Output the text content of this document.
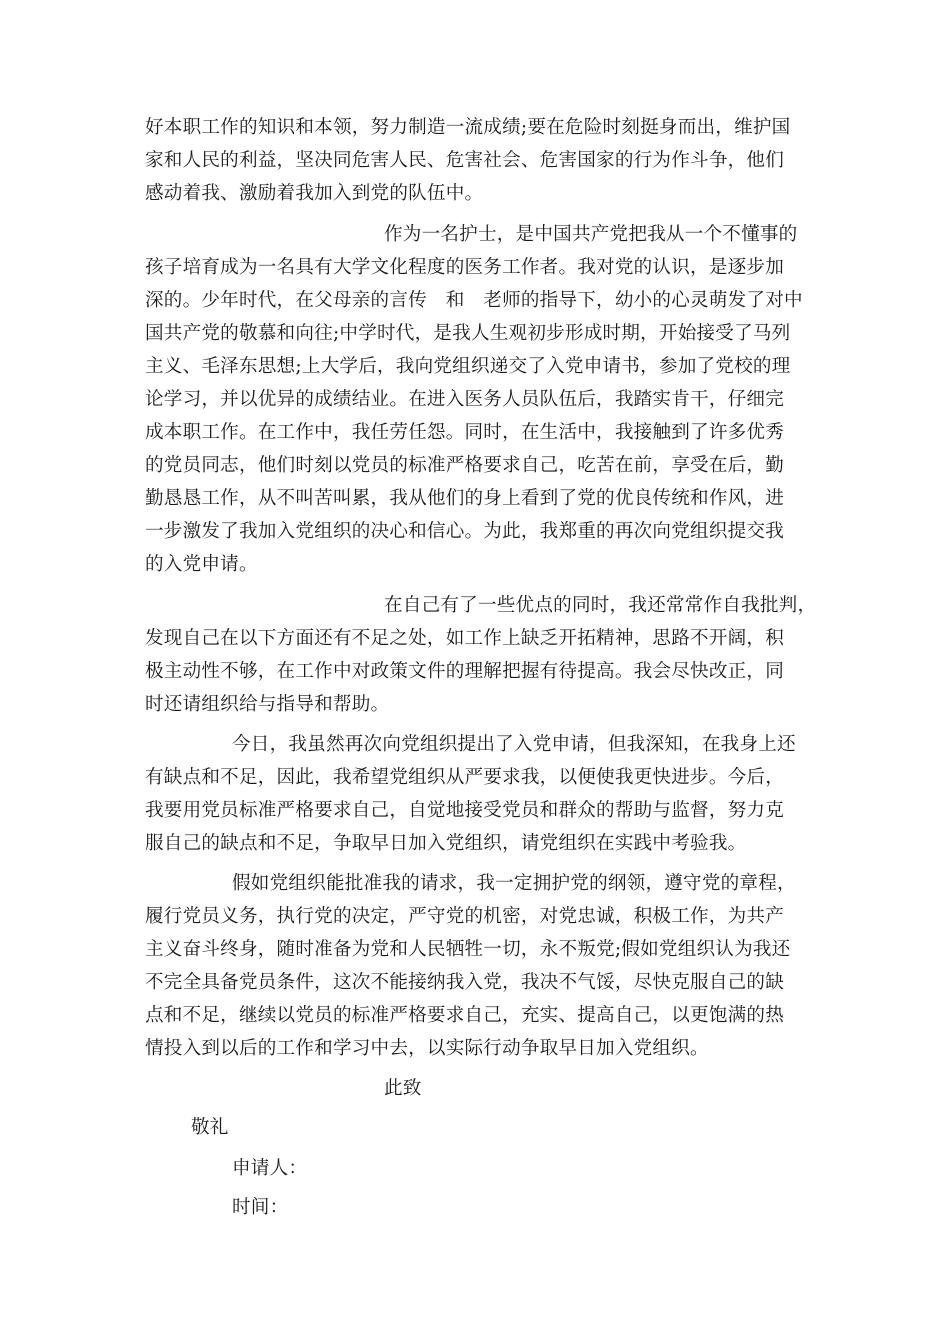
好本职工作的知识和本领，努力制造一流成绩;要在危险时刻挺身而出，维护国
家和人民的利益，坚决同危害人民、危害社会、危害国家的行为作斗争，他们
感动着我、激励着我加入到党的队伍中。
作为一名护士，是中国共产党把我从一个不懂事的
孩子培育成为一名具有大学文化程度的医务工作者。我对党的认识，是逐步加
深的。少年时代，在父母亲的言传　和　老师的指导下，幼小的心灵萌发了对中
国共产党的敬慕和向往;中学时代，是我人生观初步形成时期，开始接受了马列
主义、毛泽东思想;上大学后，我向党组织递交了入党申请书，参加了党校的理
论学习，并以优异的成绩结业。在进入医务人员队伍后，我踏实肯干，仔细完
成本职工作。在工作中，我任劳任怨。同时，在生活中，我接触到了许多优秀
的党员同志，他们时刻以党员的标准严格要求自己，吃苦在前，享受在后，勤
勤恳恳工作，从不叫苦叫累，我从他们的身上看到了党的优良传统和作风，进
一步激发了我加入党组织的决心和信心。为此，我郑重的再次向党组织提交我
的入党申请。
在自己有了一些优点的同时，我还常常作自我批判，
发现自己在以下方面还有不足之处，如工作上缺乏开拓精神，思路不开阔，积
极主动性不够，在工作中对政策文件的理解把握有待提高。我会尽快改正，同
时还请组织给与指导和帮助。
今日，我虽然再次向党组织提出了入党申请，但我深知，在我身上还
有缺点和不足，因此，我希望党组织从严要求我，以便使我更快进步。今后，
我要用党员标准严格要求自己，自觉地接受党员和群众的帮助与监督，努力克
服自己的缺点和不足，争取早日加入党组织，请党组织在实践中考验我。
假如党组织能批准我的请求，我一定拥护党的纲领，遵守党的章程，
履行党员义务，执行党的决定，严守党的机密，对党忠诚，积极工作，为共产
主义奋斗终身，随时准备为党和人民牺牲一切，永不叛党;假如党组织认为我还
不完全具备党员条件，这次不能接纳我入党，我决不气馁，尽快克服自己的缺
点和不足，继续以党员的标准严格要求自己，充实、提高自己，以更饱满的热
情投入到以后的工作和学习中去，以实际行动争取早日加入党组织。
此致
敬礼
申请人：
时间：
